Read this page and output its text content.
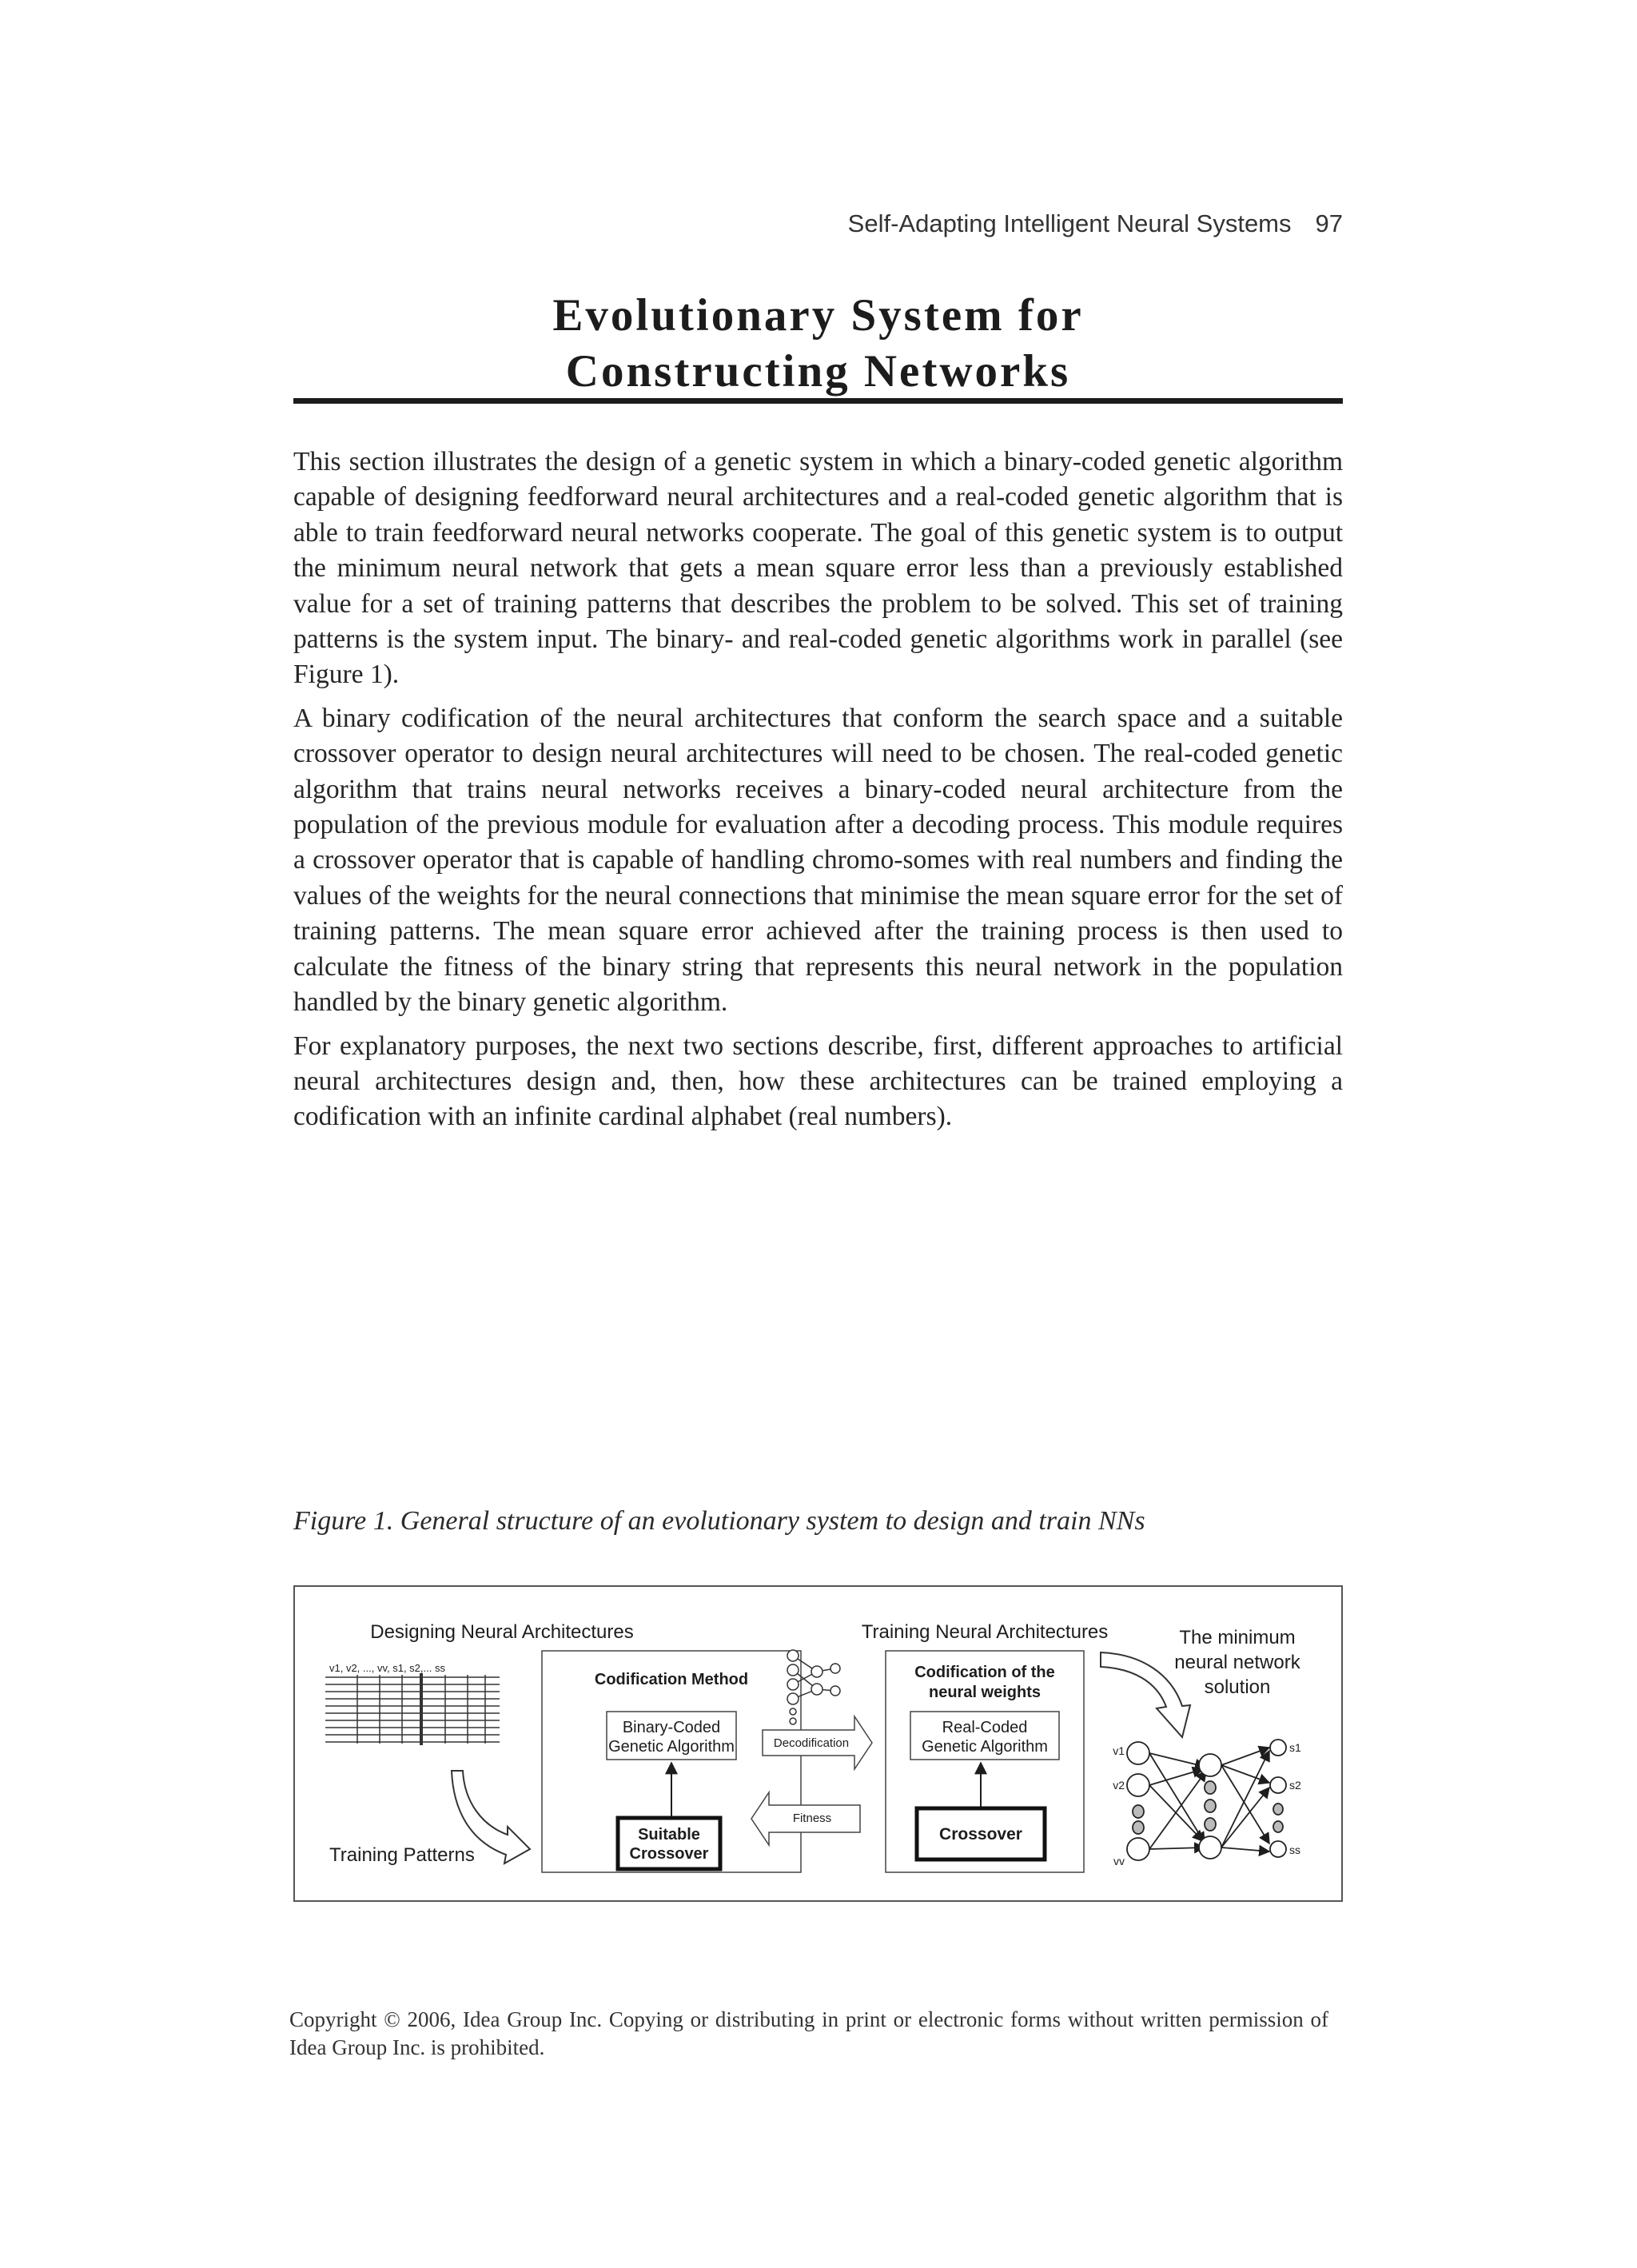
Self-Adapting Intelligent Neural Systems 97
Evolutionary System for
Constructing Networks

This section illustrates the design of a genetic system in which a binary-coded genetic algorithm capable of designing feedforward neural architectures and a real-coded genetic algorithm that is able to train feedforward neural networks cooperate. The goal of this genetic system is to output the minimum neural network that gets a mean square error less than a previously established value for a set of training patterns that describes the problem to be solved. This set of training patterns is the system input. The binary- and real-coded genetic algorithms work in parallel (see Figure 1).

A binary codification of the neural architectures that conform the search space and a suitable crossover operator to design neural architectures will need to be chosen. The real-coded genetic algorithm that trains neural networks receives a binary-coded neural architecture from the population of the previous module for evaluation after a decoding process. This module requires a crossover operator that is capable of handling chromo-somes with real numbers and finding the values of the weights for the neural connections that minimise the mean square error for the set of training patterns. The mean square error achieved after the training process is then used to calculate the fitness of the binary string that represents this neural network in the population handled by the binary genetic algorithm.

For explanatory purposes, the next two sections describe, first, different approaches to artificial neural architectures design and, then, how these architectures can be trained employing a codification with an infinite cardinal alphabet (real numbers).

Figure 1. General structure of an evolutionary system to design and train NNs

Designing Neural Architectures	Training Neural Architectures
v1, v2, ..., vv, s1, s2,... ss
Training Patterns
Codification Method
Binary-Coded
Genetic Algorithm
Suitable
Crossover
Decodification
Fitness
Codification of the
neural weights
Real-Coded
Genetic Algorithm
Crossover
The minimum
neural network
solution
v1
v2
vv
s1
s2
ss
Copyright © 2006, Idea Group Inc. Copying or distributing in print or electronic forms without written permission of Idea Group Inc. is prohibited.
